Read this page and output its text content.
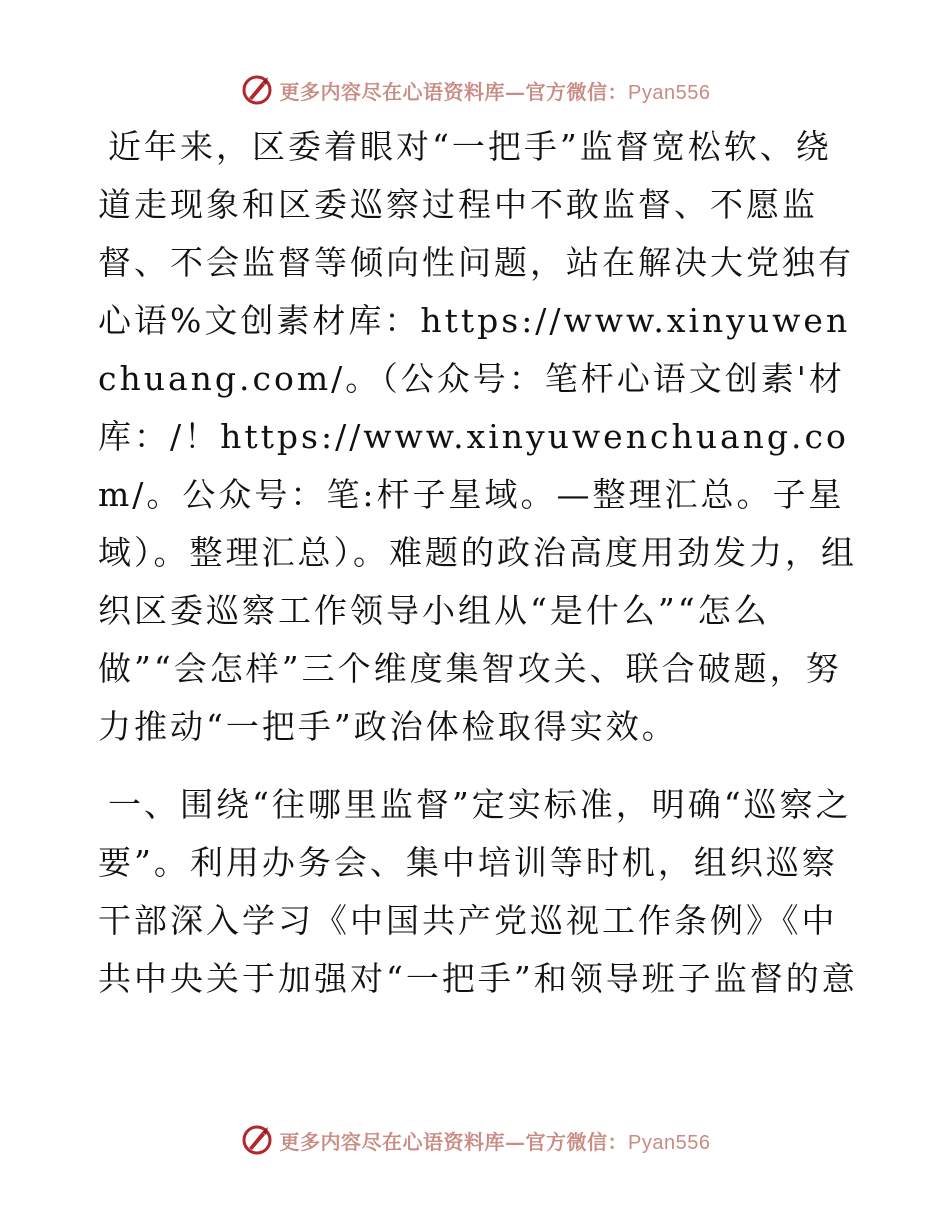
更多内容尽在心语资料库—官方微信：Pyan556

近年来，区委着眼对“一把手”监督宽松软、绕道走现象和区委巡察过程中不敢监督、不愿监督、不会监督等倾向性问题，站在解决大党独有心语%文创素材库：https://www.xinyuwenchuang.com/。（公众号：笔杆心语文创素'材库：/！https://www.xinyuwenchuang.com/。公众号：笔:杆子星域。—整理汇总。子星域）。整理汇总）。难题的政治高度用劲发力，组织区委巡察工作领导小组从“是什么”“怎么做”“会怎样”三个维度集智攻关、联合破题，努力推动“一把手”政治体检取得实效。

一、围绕“往哪里监督”定实标准，明确“巡察之要”。利用办务会、集中培训等时机，组织巡察干部深入学习《中国共产党巡视工作条例》《中共中央关于加强对“一把手”和领导班子监督的意

更多内容尽在心语资料库—官方微信：Pyan556
